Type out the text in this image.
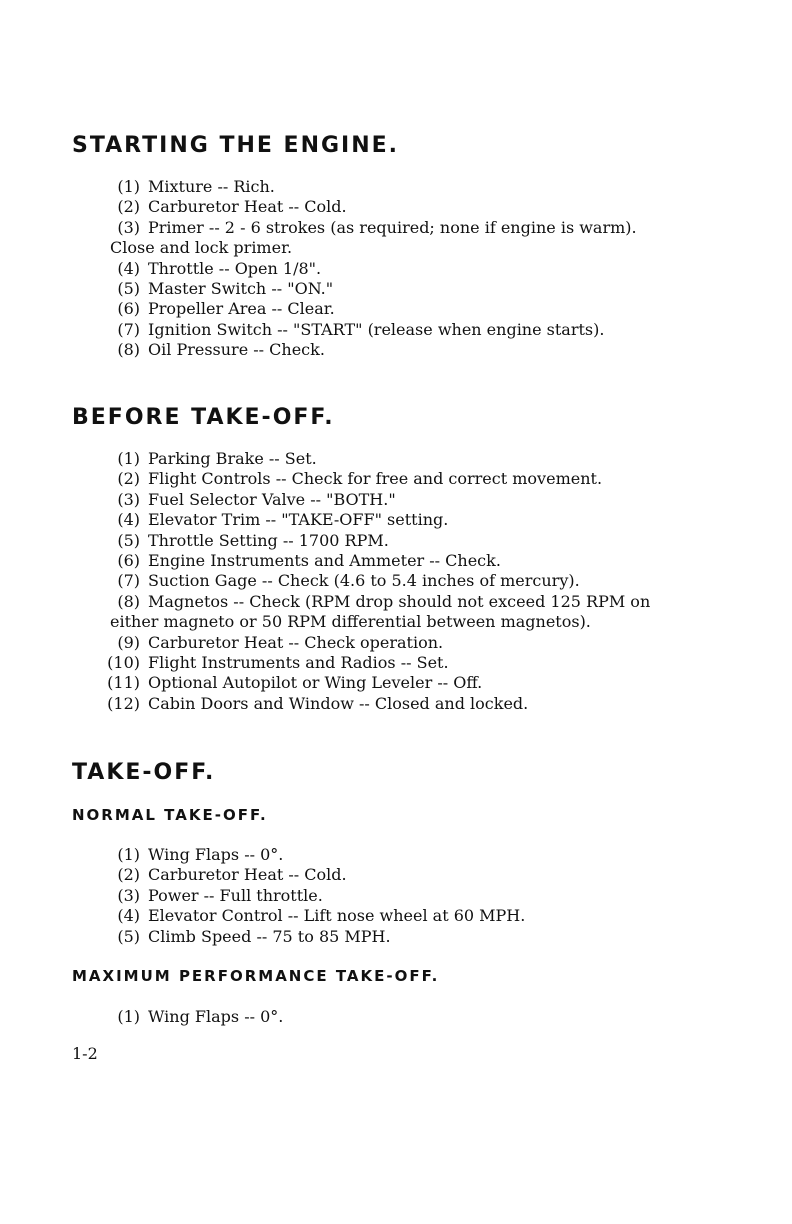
STARTING THE ENGINE.
(1) Mixture -- Rich.
(2) Carburetor Heat -- Cold.
(3) Primer -- 2 - 6 strokes (as required; none if engine is warm).
Close and lock primer.
(4) Throttle -- Open 1/8".
(5) Master Switch -- "ON."
(6) Propeller Area -- Clear.
(7) Ignition Switch -- "START" (release when engine starts).
(8) Oil Pressure -- Check.
BEFORE TAKE-OFF.
(1) Parking Brake -- Set.
(2) Flight Controls -- Check for free and correct movement.
(3) Fuel Selector Valve -- "BOTH."
(4) Elevator Trim -- "TAKE-OFF" setting.
(5) Throttle Setting -- 1700 RPM.
(6) Engine Instruments and Ammeter -- Check.
(7) Suction Gage -- Check (4.6 to 5.4 inches of mercury).
(8) Magnetos -- Check (RPM drop should not exceed 125 RPM on
either magneto or 50 RPM differential between magnetos).
(9) Carburetor Heat -- Check operation.
(10) Flight Instruments and Radios -- Set.
(11) Optional Autopilot or Wing Leveler -- Off.
(12) Cabin Doors and Window -- Closed and locked.
TAKE-OFF.
NORMAL TAKE-OFF.
(1) Wing Flaps -- 0°.
(2) Carburetor Heat -- Cold.
(3) Power -- Full throttle.
(4) Elevator Control -- Lift nose wheel at 60 MPH.
(5) Climb Speed -- 75 to 85 MPH.
MAXIMUM PERFORMANCE TAKE-OFF.
(1) Wing Flaps -- 0°.
1-2
